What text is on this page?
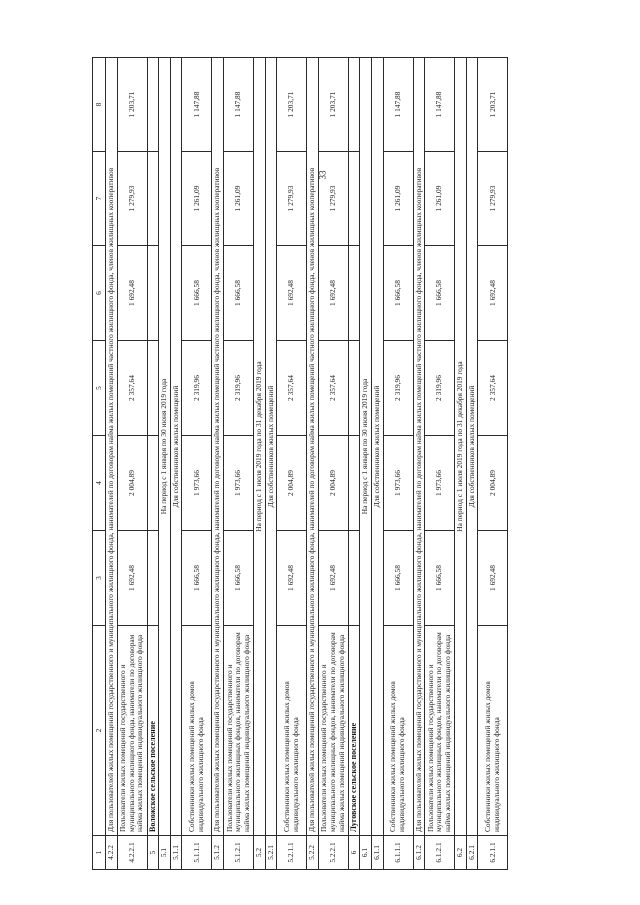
33
1	2	3	4	5	6	7	8
4.2.2	Для пользователей жилых помещений государственного и муниципального жилищного фонда, нанимателей по договорам найма жилых помещений частного жилищного фонда, членов жилищных кооперативов						
4.2.2.1	Пользователи жилых помещений государственного и муниципального жилищного фонда, наниматели по договорам найма жилых помещений индивидуального жилищного фонда	1 692,48	2 004,89	2 357,64	1 692,48	1 279,93	1 203,71
5	Воложское сельское поселение						
5.1	На период с 1 января по 30 июня 2019 года						
5.1.1	Для собственников жилых помещений						
5.1.1.1	Собственники жилых помещений жилых домов индивидуального жилищного фонда	1 666,58	1 973,66	2 319,96	1 666,58	1 261,09	1 147,88
5.1.2	Для пользователей жилых помещений государственного и муниципального жилищного фонда, нанимателей по договорам найма жилых помещений частного жилищного фонда, членов жилищных кооперативов						
5.1.2.1	Пользователи жилых помещений государственного и муниципального жилищных фондов, наниматели по договорам найма жилых помещений индивидуального жилищного фонда	1 666,58	1 973,66	2 319,96	1 666,58	1 261,09	1 147,88
5.2	На период с 1 июля 2019 года по 31 декабря 2019 года						
5.2.1	Для собственников жилых помещений						
5.2.1.1	Собственники жилых помещений жилых домов индивидуального жилищного фонда	1 692,48	2 004,89	2 357,64	1 692,48	1 279,93	1 203,71
5.2.2	Для пользователей жилых помещений государственного и муниципального жилищного фонда, нанимателей по договорам найма жилых помещений частного жилищного фонда, членов жилищных кооперативов						
5.2.2.1	Пользователи жилых помещений государственного и муниципального жилищных фондов, наниматели по договорам найма жилых помещений индивидуального жилищного фонда	1 692,48	2 004,89	2 357,64	1 692,48	1 279,93	1 203,71
6	Луговское сельское поселение						
6.1	На период с 1 января по 30 июня 2019 года						
6.1.1	Для собственников жилых помещений						
6.1.1.1	Собственники жилых помещений жилых домов индивидуального жилищного фонда	1 666,58	1 973,66	2 319,96	1 666,58	1 261,09	1 147,88
6.1.2	Для пользователей жилых помещений государственного и муниципального жилищного фонда, нанимателей по договорам найма жилых помещений частного жилищного фонда, членов жилищных кооперативов						
6.1.2.1	Пользователи жилых помещений государственного и муниципального жилищных фондов, наниматели по договорам найма жилых помещений индивидуального жилищного фонда	1 666,58	1 973,66	2 319,96	1 666,58	1 261,09	1 147,88
6.2	На период с 1 июля 2019 года по 31 декабря 2019 года						
6.2.1	Для собственников жилых помещений						
6.2.1.1	Собственники жилых помещений жилых домов индивидуального жилищного фонда	1 692,48	2 004,89	2 357,64	1 692,48	1 279,93	1 203,71
